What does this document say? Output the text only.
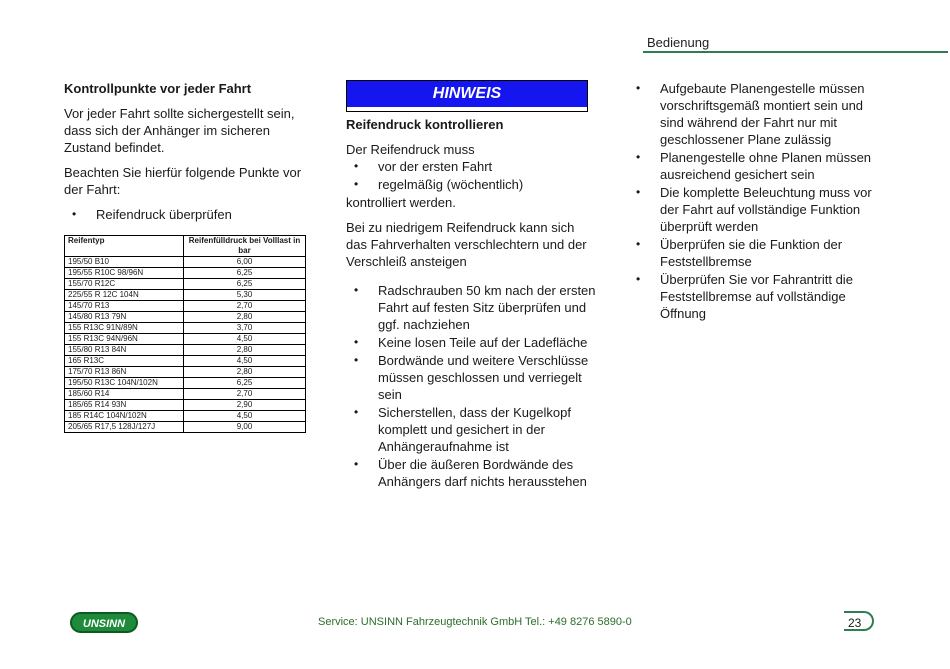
Bedienung
Kontrollpunkte vor jeder Fahrt

Vor jeder Fahrt sollte sichergestellt sein, dass sich der Anhänger im sicheren Zustand befindet.

Beachten Sie hierfür folgende Punkte vor der Fahrt:

• Reifendruck überprüfen
Reifentyp	Reifenfülldruck bei Volllast in bar
195/50 B10	6,00
195/55 R10C 98/96N	6,25
155/70 R12C	6,25
225/55 R 12C 104N	5,30
145/70 R13	2,70
145/80 R13 79N	2,80
155 R13C 91N/89N	3,70
155 R13C 94N/96N	4,50
155/80 R13 84N	2,80
165 R13C	4,50
175/70 R13 86N	2,80
195/50 R13C 104N/102N	6,25
185/60 R14	2,70
185/65 R14 93N	2,90
185 R14C 104N/102N	4,50
205/65 R17,5 128J/127J	9,00
HINWEIS
Reifendruck kontrollieren
Der Reifendruck muss
• vor der ersten Fahrt
• regelmäßig (wöchentlich)

kontrolliert werden.

Bei zu niedrigem Reifendruck kann sich das Fahrverhalten verschlechtern und der Verschleiß ansteigen

• Radschrauben 50 km nach der ersten Fahrt auf festen Sitz überprüfen und ggf. nachziehen
• Keine losen Teile auf der Ladefläche
• Bordwände und weitere Verschlüsse müssen geschlossen und verriegelt sein
• Sicherstellen, dass der Kugelkopf komplett und gesichert in der Anhängeraufnahme ist
• Über die äußeren Bordwände des Anhängers darf nichts herausstehen
• Aufgebaute Planengestelle müssen vorschriftsgemäß montiert sein und sind während der Fahrt nur mit geschlossener Plane zulässig
• Planengestelle ohne Planen müssen ausreichend gesichert sein
• Die komplette Beleuchtung muss vor der Fahrt auf vollständige Funktion überprüft werden
• Überprüfen sie die Funktion der Feststellbremse
• Überprüfen Sie vor Fahrantritt die Feststellbremse auf vollständige Öffnung
UNSINN	Service: UNSINN Fahrzeugtechnik GmbH Tel.: +49 8276 5890-0	23
